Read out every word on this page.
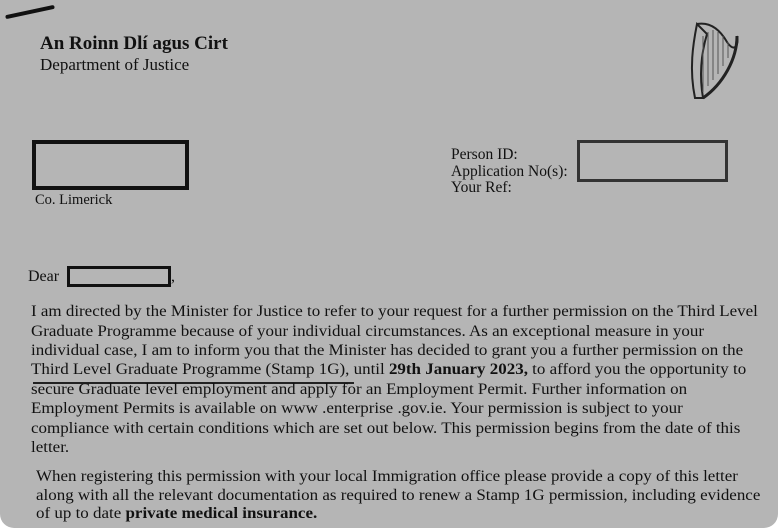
An Roinn Dlí agus Cirt
Department of Justice
Co. Limerick
Person ID:
Application No(s):
Your Ref:
Dear	,
I am directed by the Minister for Justice to refer to your request for a further permission on the Third Level
Graduate Programme because of your individual circumstances. As an exceptional measure in your
individual case, I am to inform you that the Minister has decided to grant you a further permission on the
Third Level Graduate Programme (Stamp 1G), until 29th January 2023, to afford you the opportunity to
secure Graduate level employment and apply for an Employment Permit. Further information on
Employment Permits is available on www .enterprise .gov.ie. Your permission is subject to your
compliance with certain conditions which are set out below. This permission begins from the date of this
letter.
When registering this permission with your local Immigration office please provide a copy of this letter
along with all the relevant documentation as required to renew a Stamp 1G permission, including evidence
of up to date private medical insurance.
